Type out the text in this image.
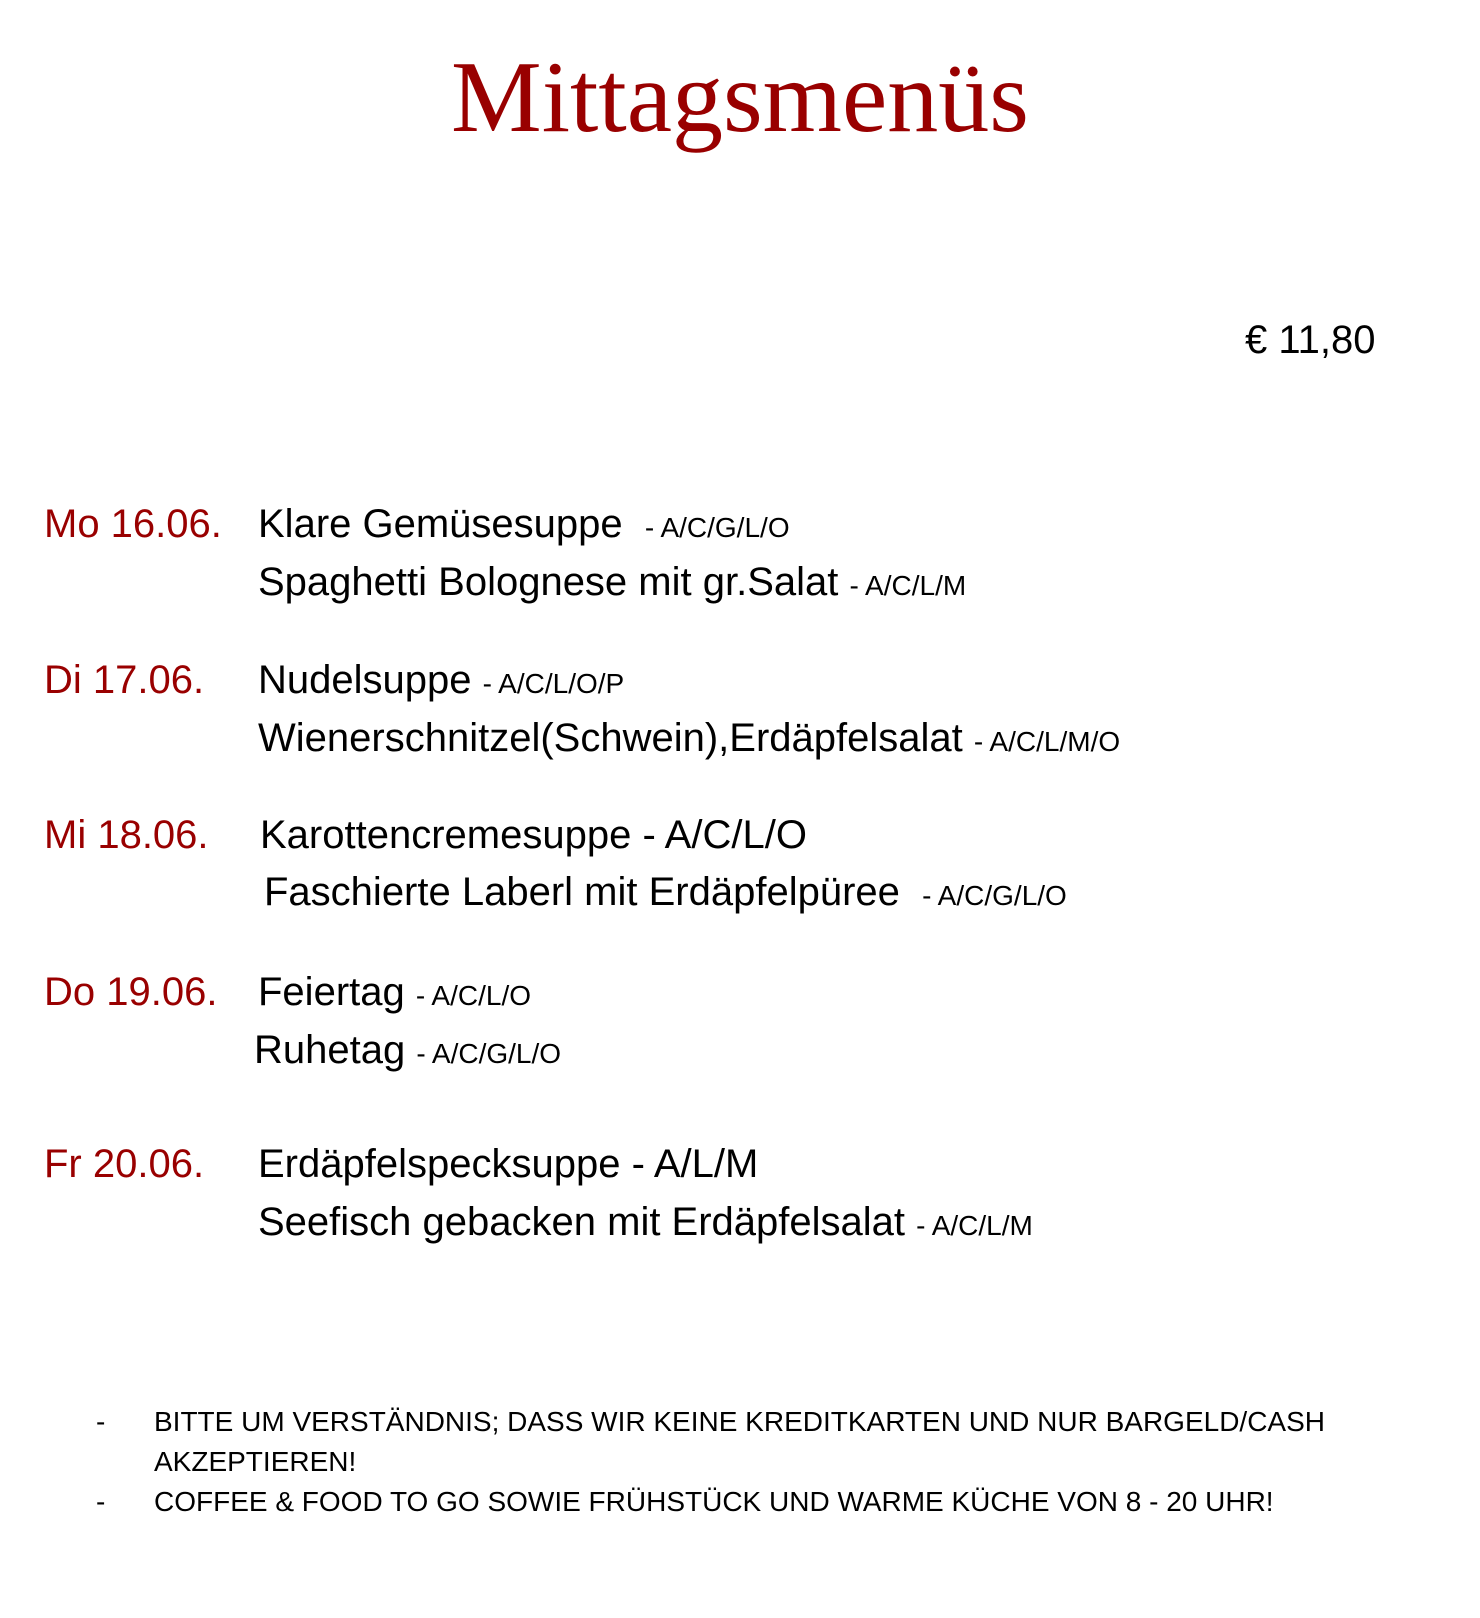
Mittagsmenüs
€ 11,80
Mo 16.06. Klare Gemüsesuppe - A/C/G/L/O
Spaghetti Bolognese mit gr.Salat - A/C/L/M
Di 17.06. Nudelsuppe - A/C/L/O/P
Wienerschnitzel(Schwein),Erdäpfelsalat - A/C/L/M/O
Mi 18.06. Karottencremesuppe - A/C/L/O
Faschierte Laberl mit Erdäpfelpüree - A/C/G/L/O
Do 19.06. Feiertag - A/C/L/O
Ruhetag - A/C/G/L/O
Fr 20.06. Erdäpfelspecksuppe - A/L/M
Seefisch gebacken mit Erdäpfelsalat - A/C/L/M
- BITTE UM VERSTÄNDNIS; DASS WIR KEINE KREDITKARTEN UND NUR BARGELD/CASH AKZEPTIEREN!
- COFFEE & FOOD TO GO SOWIE FRÜHSTÜCK UND WARME KÜCHE VON 8 - 20 UHR!
